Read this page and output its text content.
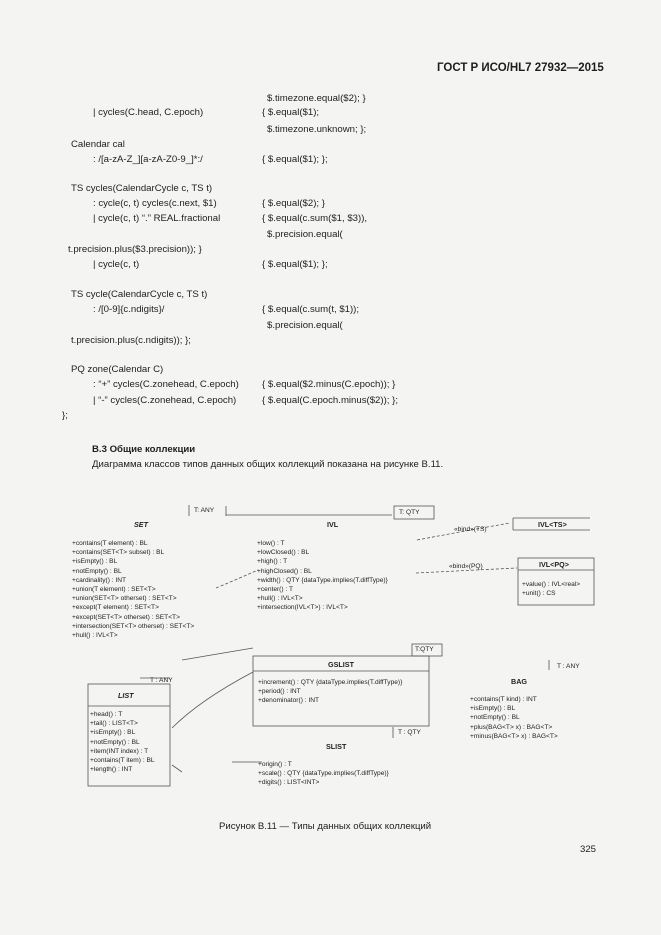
ГОСТ Р ИСО/HL7 27932—2015
$.timezone.equal($2); }
| cycles(C.head, C.epoch)	{ $.equal($1);
$.timezone.unknown; };
Calendar cal
: /[a-zA-Z_][a-zA-Z0-9_]*:/	{ $.equal($1); };
TS cycles(CalendarCycle c, TS t)
: cycle(c, t) cycles(c.next, $1)	{ $.equal($2); }
| cycle(c, t) “.” REAL.fractional	{ $.equal(c.sum($1, $3)),
$.precision.equal(
t.precision.plus($3.precision)); }
| cycle(c, t)	{ $.equal($1); };
TS cycle(CalendarCycle c, TS t)
: /[0-9]{c.ndigits}/	{ $.equal(c.sum(t, $1));
$.precision.equal(
t.precision.plus(c.ndigits)); };
PQ zone(Calendar C)
: “+” cycles(C.zonehead, C.epoch) { $.equal($2.minus(C.epoch)); }
| “-” cycles(C.zonehead, C.epoch)	{ $.equal(C.epoch.minus($2)); };
};
В.3 Общие коллекции
Диаграмма классов типов данных общих коллекций показана на рисунке В.11.
T: ANY
SET
+contains(T element) : BL
+contains(SET<T> subset) : BL
+isEmpty() : BL
+notEmpty() : BL
+cardinality() : INT
+union(T element) : SET<T>
+union(SET<T> otherset) : SET<T>
+except(T element) : SET<T>
+except(SET<T> otherset) : SET<T>
+intersection(SET<T> otherset) : SET<T>
+hull() : IVL<T>
T: QTY
IVL
+low() : T
+lowClosed() : BL
+high() : T
+highClosed() : BL
+width() : QTY {dataType.implies(T.diffType)}
+center() : T
+hull() : IVL<T>
+intersection(IVL<T>) : IVL<T>
«bind»(TS)
IVL<TS>
«bind»(PQ)	IVL<PQ>
+value() : IVL<real>
+unit() : CS
T:QTY
GSLIST
+increment() : QTY {dataType.implies(T.diffType)}
+period() : INT
+denominator() : INT
T : ANY
LIST
+head() : T
+tail() : LIST<T>
+isEmpty() : BL
+notEmpty() : BL
+item(INT index) : T
+contains(T item) : BL
+length() : INT
T : QTY
SLIST
+origin() : T
+scale() : QTY {dataType.implies(T.diffType)}
+digits() : LIST<INT>
T : ANY
BAG
+contains(T kind) : INT
+isEmpty() : BL
+notEmpty() : BL
+plus(BAG<T> x) : BAG<T>
+minus(BAG<T> x) : BAG<T>
Рисунок В.11 — Типы данных общих коллекций
325
